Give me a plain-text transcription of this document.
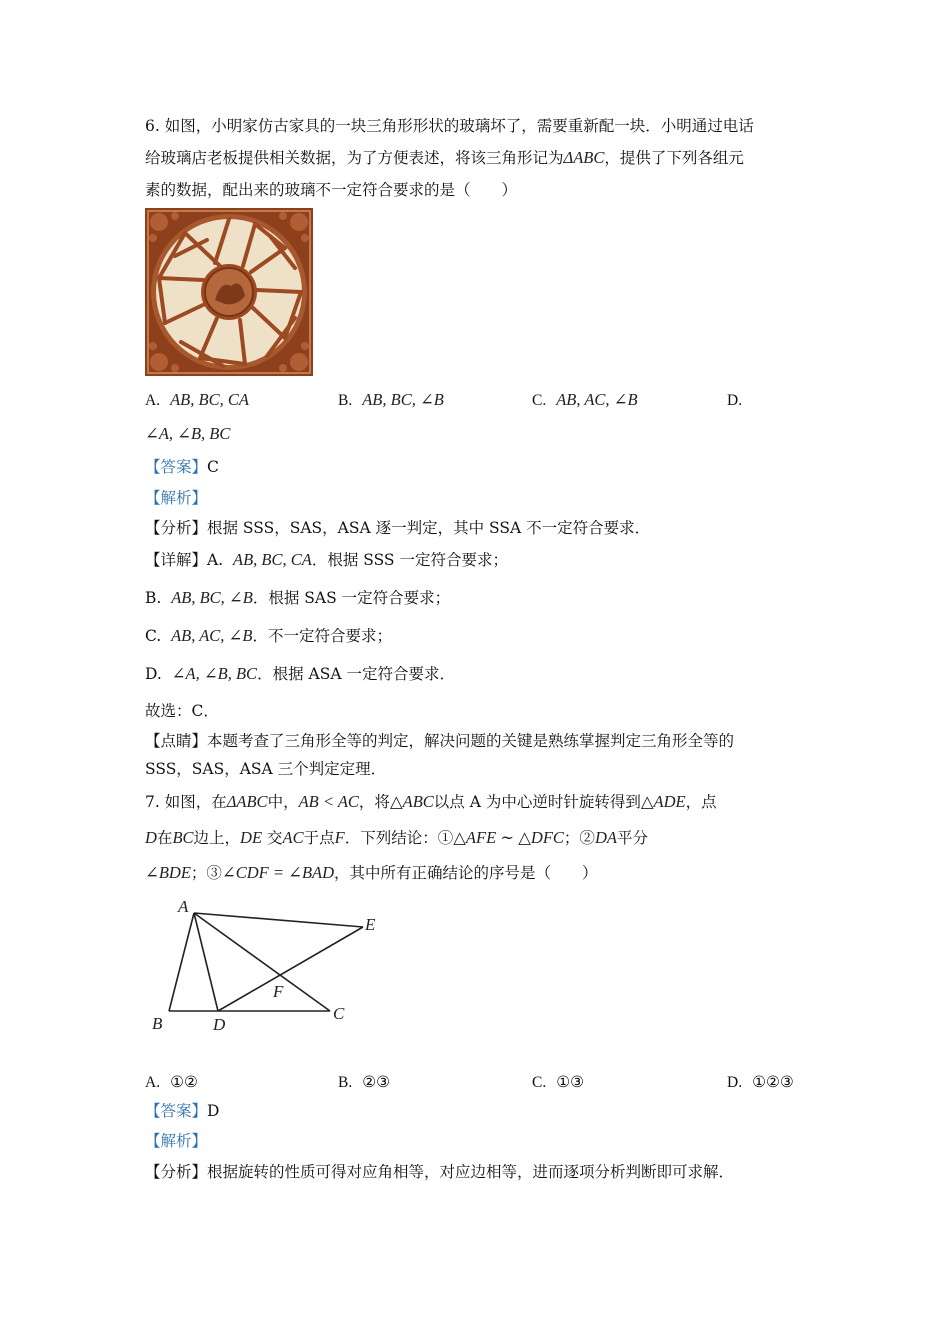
6. 如图，小明家仿古家具的一块三角形形状的玻璃坏了，需要重新配一块．小明通过电话
给玻璃店老板提供相关数据，为了方便表述，将该三角形记为ΔABC，提供了下列各组元
素的数据，配出来的玻璃不一定符合要求的是（　　）
A. AB, BC, CA	B. AB, BC, ∠B	C. AB, AC, ∠B	D.
∠A, ∠B, BC
【答案】C
【解析】
【分析】根据 SSS，SAS，ASA 逐一判定，其中 SSA 不一定符合要求．
【详解】A. AB, BC, CA．根据 SSS 一定符合要求；
B. AB, BC, ∠B．根据 SAS 一定符合要求；
C. AB, AC, ∠B．不一定符合要求；
D. ∠A, ∠B, BC．根据 ASA 一定符合要求．
故选：C．
【点睛】本题考查了三角形全等的判定，解决问题的关键是熟练掌握判定三角形全等的
SSS，SAS，ASA 三个判定定理．
7. 如图，在ΔABC中，AB < AC，将△ABC以点 A 为中心逆时针旋转得到△ADE，点
D在BC边上，DE 交AC于点F．下列结论：①△AFE ∼ △DFC；②DA平分
∠BDE；③∠CDF = ∠BAD，其中所有正确结论的序号是（　　）
A
B	D
C
E
F
A. ①②	B. ②③	C. ①③	D. ①②③
【答案】D
【解析】
【分析】根据旋转的性质可得对应角相等，对应边相等，进而逐项分析判断即可求解．
